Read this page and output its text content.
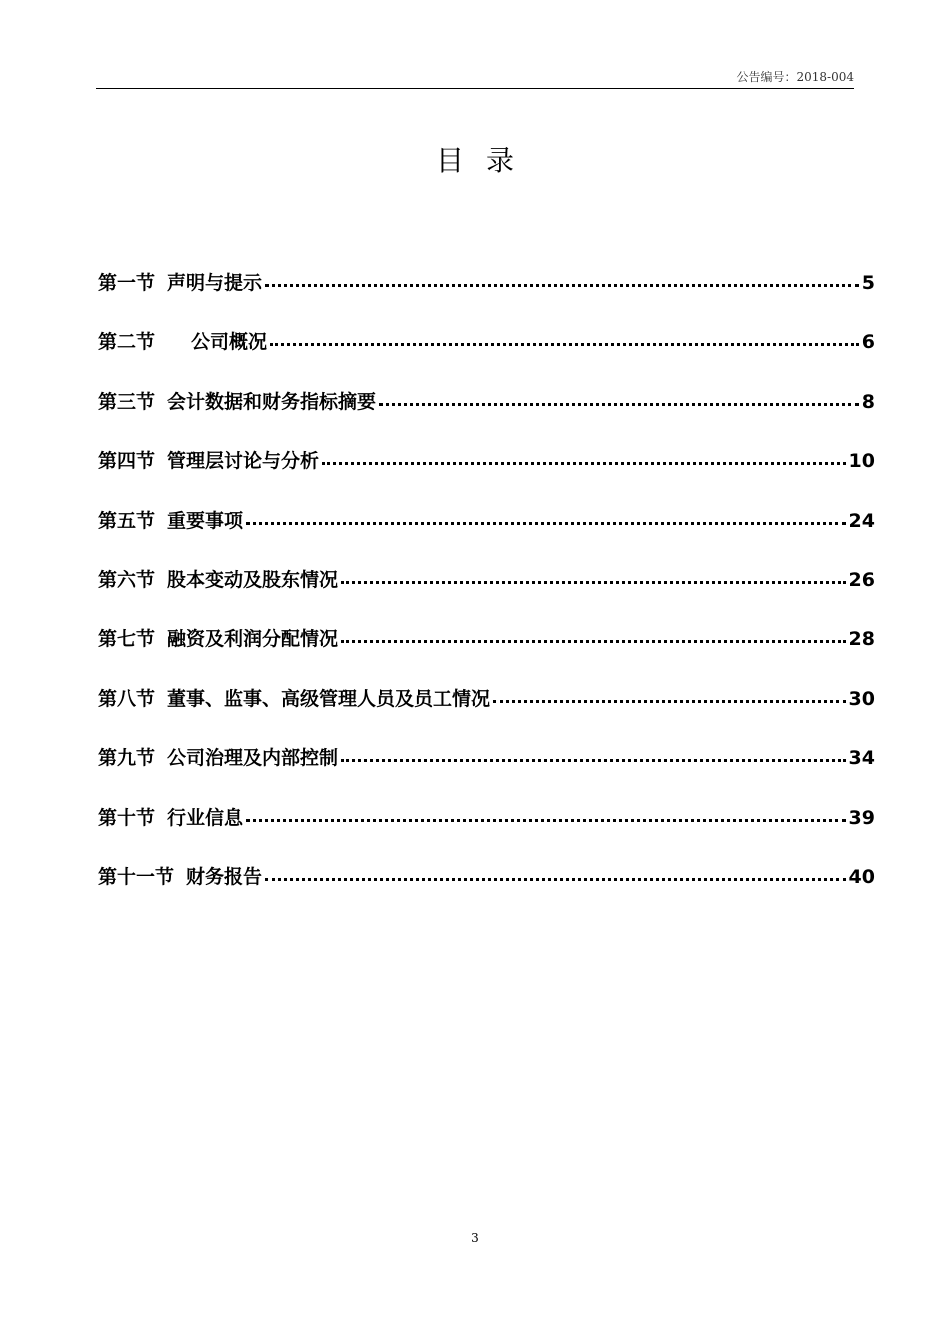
公告编号：2018-004
目录
第一节 声明与提示	5
第二节 公司概况	6
第三节 会计数据和财务指标摘要	8
第四节 管理层讨论与分析	10
第五节 重要事项	24
第六节 股本变动及股东情况	26
第七节 融资及利润分配情况	28
第八节 董事、监事、高级管理人员及员工情况	30
第九节 公司治理及内部控制	34
第十节 行业信息	39
第十一节 财务报告	40
3
